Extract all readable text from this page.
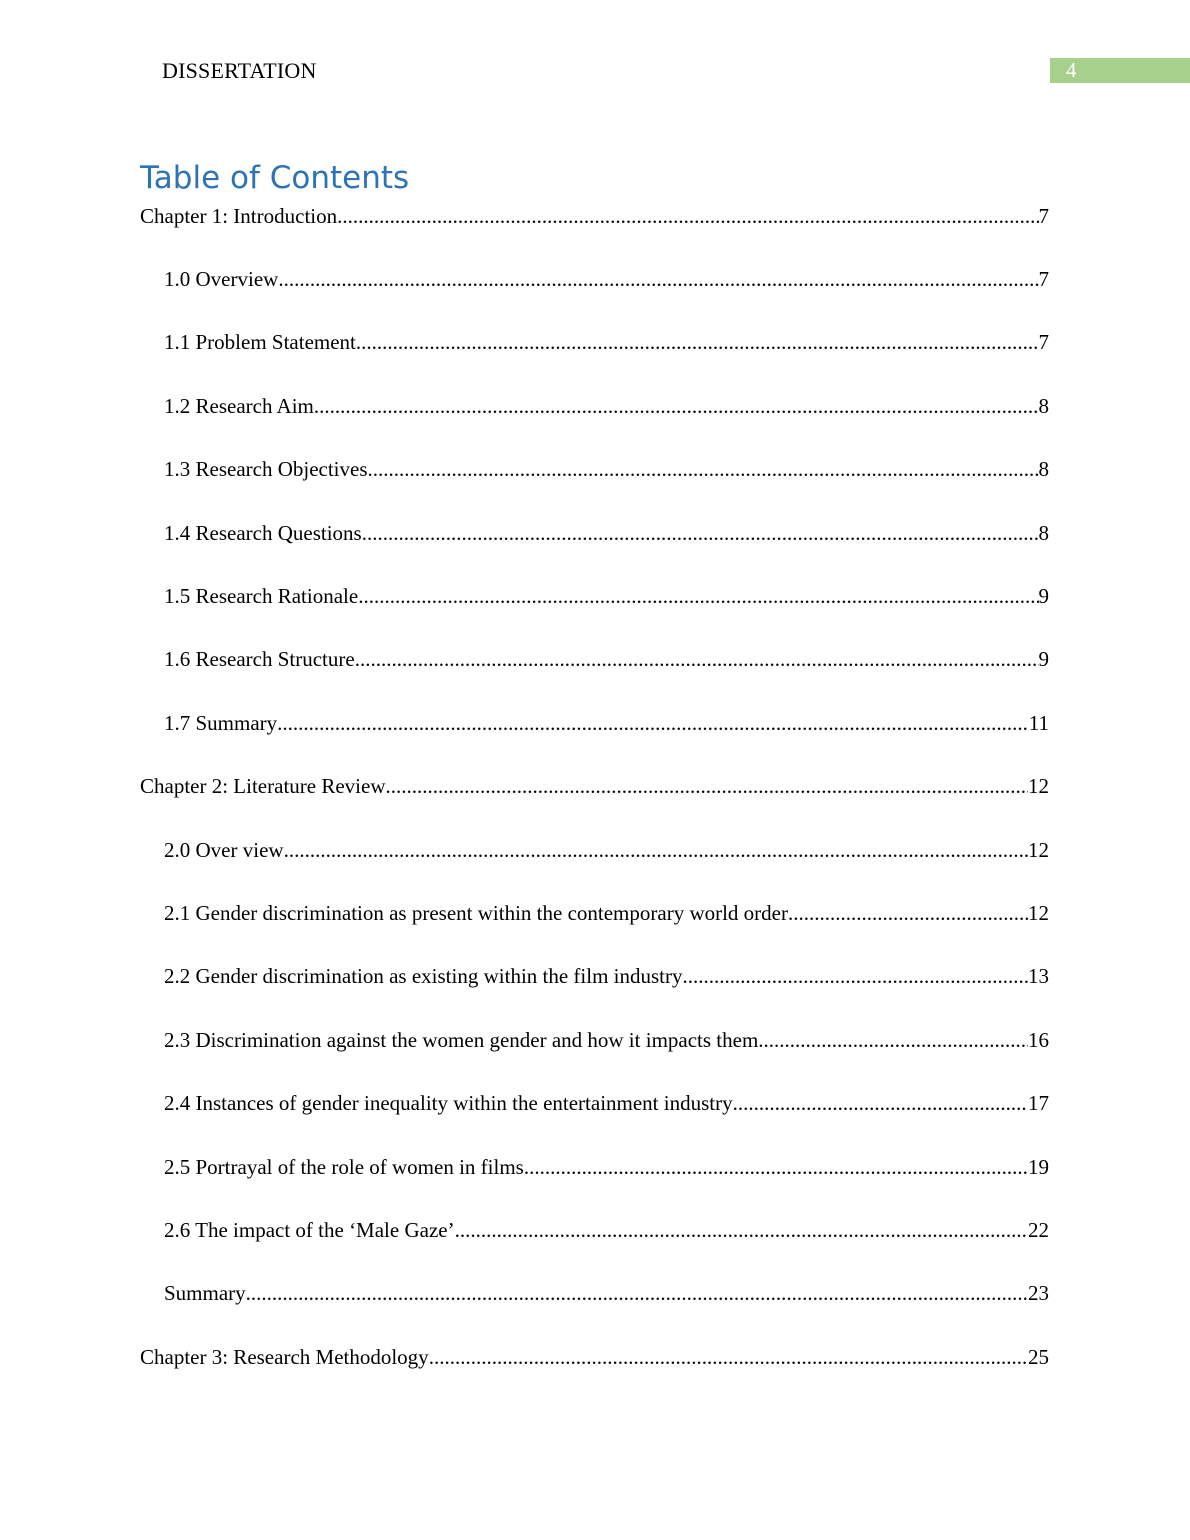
DISSERTATION	4
Table of Contents
Chapter 1: Introduction .....	7
1.0 Overview .....	7
1.1 Problem Statement .....	7
1.2 Research Aim .....	8
1.3 Research Objectives .....	8
1.4 Research Questions .....	8
1.5 Research Rationale .....	9
1.6 Research Structure .....	9
1.7 Summary .....	11
Chapter 2: Literature Review .....	12
2.0 Over view .....	12
2.1 Gender discrimination as present within the contemporary world order .....	12
2.2 Gender discrimination as existing within the film industry .....	13
2.3 Discrimination against the women gender and how it impacts them .....	16
2.4 Instances of gender inequality within the entertainment industry .....	17
2.5 Portrayal of the role of women in films .....	19
2.6 The impact of the ‘Male Gaze’ .....	22
Summary .....	23
Chapter 3: Research Methodology .....	25
